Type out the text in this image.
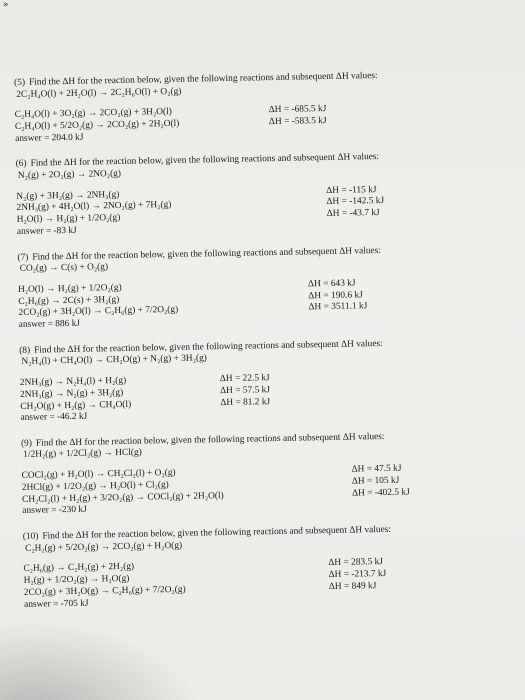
»
(5) Find the ΔH for the reaction below, given the following reactions and subsequent ΔH values:
2C₂H₄O(l) + 2H₂O(l) → 2C₂H₆O(l) + O₂(g)
C₂H₄O(l) + 3O₂(g) → 2CO₂(g) + 3H₂O(l)	ΔH = -685.5 kJ
C₂H₄O(l) + 5/2O₂(g) → 2CO₂(g) + 2H₂O(l)	ΔH = -583.5 kJ
answer = 204.0 kJ
(6) Find the ΔH for the reaction below, given the following reactions and subsequent ΔH values:
N₂(g) + 2O₂(g) → 2NO₂(g)
N₂(g) + 3H₂(g) → 2NH₃(g)	ΔH = -115 kJ
2NH₃(g) + 4H₂O(l) → 2NO₂(g) + 7H₂(g)	ΔH = -142.5 kJ
H₂O(l) → H₂(g) + 1/2O₂(g)	ΔH = -43.7 kJ
answer = -83 kJ
(7) Find the ΔH for the reaction below, given the following reactions and subsequent ΔH values:
CO₂(g) → C(s) + O₂(g)
H₂O(l) → H₂(g) + 1/2O₂(g)	ΔH = 643 kJ
C₂H₆(g) → 2C(s) + 3H₂(g)	ΔH = 190.6 kJ
2CO₂(g) + 3H₂O(l) → C₂H₆(g) + 7/2O₂(g)	ΔH = 3511.1 kJ
answer = 886 kJ
(8) Find the ΔH for the reaction below, given the following reactions and subsequent ΔH values:
N₂H₄(l) + CH₄O(l) → CH₂O(g) + N₂(g) + 3H₂(g)
2NH₃(g) → N₂H₄(l) + H₂(g)	ΔH = 22.5 kJ
2NH₃(g) → N₂(g) + 3H₂(g)	ΔH = 57.5 kJ
CH₂O(g) + H₂(g) → CH₄O(l)	ΔH = 81.2 kJ
answer = -46.2 kJ
(9) Find the ΔH for the reaction below, given the following reactions and subsequent ΔH values:
1/2H₂(g) + 1/2Cl₂(g) → HCl(g)
COCl₂(g) + H₂O(l) → CH₂Cl₂(l) + O₂(g)	ΔH = 47.5 kJ
2HCl(g) + 1/2O₂(g) → H₂O(l) + Cl₂(g)	ΔH = 105 kJ
CH₂Cl₂(l) + H₂(g) + 3/2O₂(g) → COCl₂(g) + 2H₂O(l)	ΔH = -402.5 kJ
answer = -230 kJ
(10) Find the ΔH for the reaction below, given the following reactions and subsequent ΔH values:
C₂H₂(g) + 5/2O₂(g) → 2CO₂(g) + H₂O(g)
C₂H₆(g) → C₂H₂(g) + 2H₂(g)	ΔH = 283.5 kJ
H₂(g) + 1/2O₂(g) → H₂O(g)	ΔH = -213.7 kJ
2CO₂(g) + 3H₂O(g) → C₂H₆(g) + 7/2O₂(g)	ΔH = 849 kJ
answer = -705 kJ
